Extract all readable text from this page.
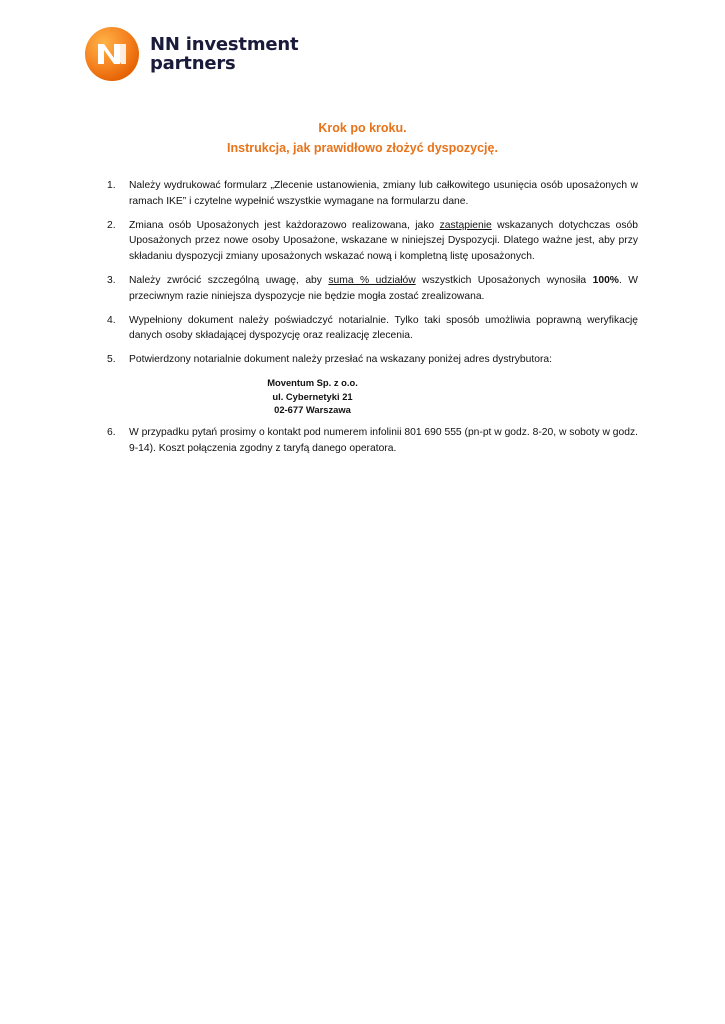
NN investment
partners
Krok po kroku.
Instrukcja, jak prawidłowo złożyć dyspozycję.
1. Należy wydrukować formularz „Zlecenie ustanowienia, zmiany lub całkowitego usunięcia osób uposażonych w ramach IKE” i czytelne wypełnić wszystkie wymagane na formularzu dane.
2. Zmiana osób Uposażonych jest każdorazowo realizowana, jako zastąpienie wskazanych dotychczas osób Uposażonych przez nowe osoby Uposażone, wskazane w niniejszej Dyspozycji. Dlatego ważne jest, aby przy składaniu dyspozycji zmiany uposażonych wskazać nową i kompletną listę uposażonych.
3. Należy zwrócić szczególną uwagę, aby suma % udziałów wszystkich Uposażonych wynosiła 100%. W przeciwnym razie niniejsza dyspozycje nie będzie mogła zostać zrealizowana.
4. Wypełniony dokument należy poświadczyć notarialnie. Tylko taki sposób umożliwia poprawną weryfikację danych osoby składającej dyspozycję oraz realizację zlecenia.
5. Potwierdzony notarialnie dokument należy przesłać na wskazany poniżej adres dystrybutora:
Moventum Sp. z o.o.
ul. Cybernetyki 21
02-677 Warszawa
6. W przypadku pytań prosimy o kontakt pod numerem infolinii 801 690 555 (pn-pt w godz. 8-20, w soboty w godz. 9-14). Koszt połączenia zgodny z taryfą danego operatora.
